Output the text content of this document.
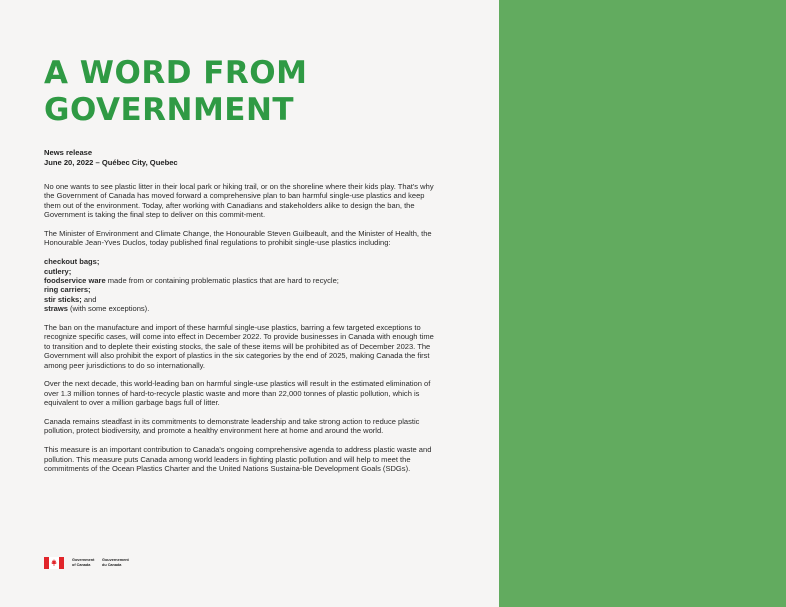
A WORD FROM
GOVERNMENT
News release
June 20, 2022 – Québec City, Quebec

No one wants to see plastic litter in their local park or hiking trail, or on the shoreline where their kids play. That's why the Government of Canada has moved forward a comprehensive plan to ban harmful single-use plastics and keep them out of the environment. Today, after working with Canadians and stakeholders alike to design the ban, the Government is taking the final step to deliver on this commit-ment.

The Minister of Environment and Climate Change, the Honourable Steven Guilbeault, and the Minister of Health, the Honourable Jean-Yves Duclos, today published final regulations to prohibit single-use plastics including:

checkout bags;
cutlery;
foodservice ware made from or containing problematic plastics that are hard to recycle;
ring carriers;
stir sticks; and
straws (with some exceptions).

The ban on the manufacture and import of these harmful single-use plastics, barring a few targeted exceptions to recognize specific cases, will come into effect in December 2022. To provide businesses in Canada with enough time to transition and to deplete their existing stocks, the sale of these items will be prohibited as of December 2023. The Government will also prohibit the export of plastics in the six categories by the end of 2025, making Canada the first among peer jurisdictions to do so internationally.

Over the next decade, this world-leading ban on harmful single-use plastics will result in the estimated elimination of over 1.3 million tonnes of hard-to-recycle plastic waste and more than 22,000 tonnes of plastic pollution, which is equivalent to over a million garbage bags full of litter.

Canada remains steadfast in its commitments to demonstrate leadership and take strong action to reduce plastic pollution, protect biodiversity, and promote a healthy environment here at home and around the world.

This measure is an important contribution to Canada's ongoing comprehensive agenda to address plastic waste and pollution. This measure puts Canada among world leaders in fighting plastic pollution and will help to meet the commitments of the Ocean Plastics Charter and the United Nations Sustaina-ble Development Goals (SDGs).

Government
of Canada
Gouvernement
du Canada
